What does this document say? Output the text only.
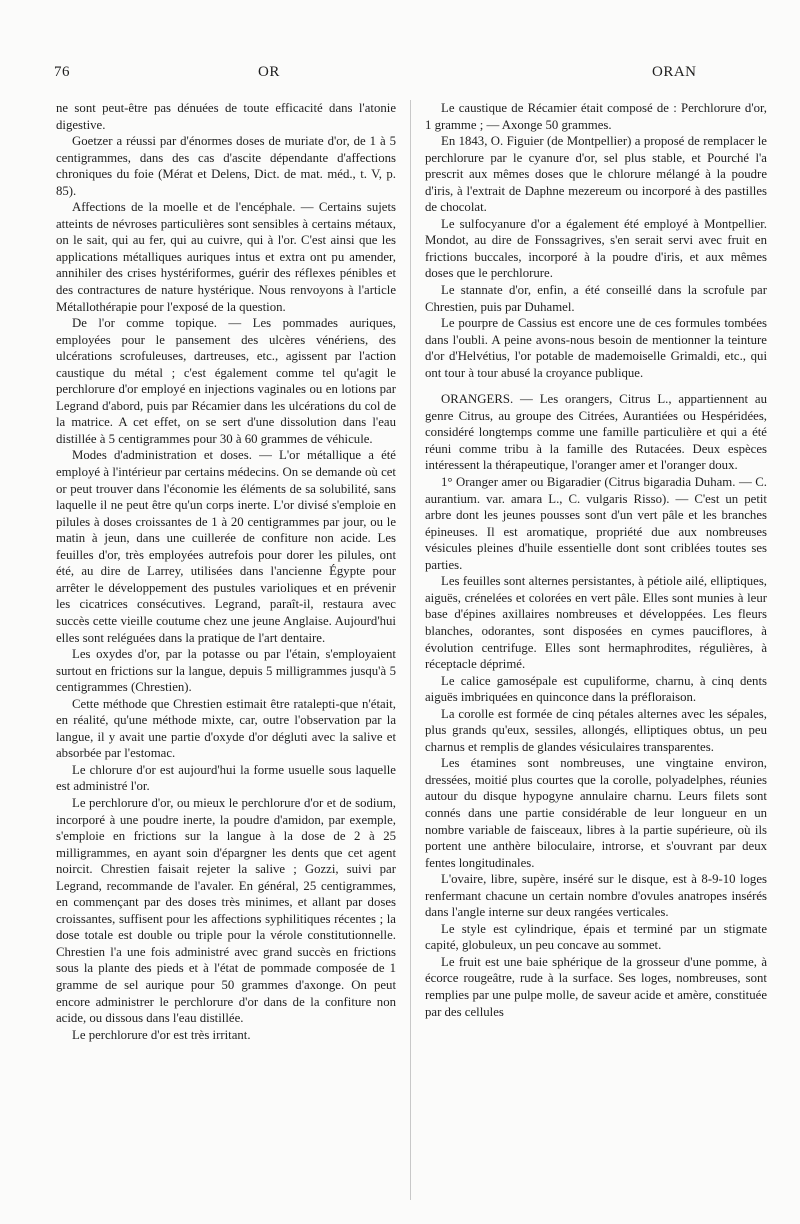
76	OR	ORAN

ne sont peut-être pas dénuées de toute efficacité dans l'atonie digestive.

Goetzer a réussi par d'énormes doses de muriate d'or, de 1 à 5 centigrammes, dans des cas d'ascite dépendante d'affections chroniques du foie (Mérat et Delens, Dict. de mat. méd., t. V, p. 85).

Affections de la moelle et de l'encéphale. — Certains sujets atteints de névroses particulières sont sensibles à certains métaux, on le sait, qui au fer, qui au cuivre, qui à l'or. C'est ainsi que les applications métalliques auriques intus et extra ont pu amender, annihiler des crises hystériformes, guérir des réflexes pénibles et des contractures de nature hystérique. Nous renvoyons à l'article Métallothérapie pour l'exposé de la question.

De l'or comme topique. — Les pommades auriques, employées pour le pansement des ulcères vénériens, des ulcérations scrofuleuses, dartreuses, etc., agissent par l'action caustique du métal ; c'est également comme tel qu'agit le perchlorure d'or employé en injections vaginales ou en lotions par Legrand d'abord, puis par Récamier dans les ulcérations du col de la matrice. A cet effet, on se sert d'une dissolution dans l'eau distillée à 5 centigrammes pour 30 à 60 grammes de véhicule.

Modes d'administration et doses. — L'or métallique a été employé à l'intérieur par certains médecins. On se demande où cet or peut trouver dans l'économie les éléments de sa solubilité, sans laquelle il ne peut être qu'un corps inerte. L'or divisé s'emploie en pilules à doses croissantes de 1 à 20 centigrammes par jour, ou le matin à jeun, dans une cuillerée de confiture non acide. Les feuilles d'or, très employées autrefois pour dorer les pilules, ont été, au dire de Larrey, utilisées dans l'ancienne Égypte pour arrêter le développement des pustules varioliques et en prévenir les cicatrices consécutives. Legrand, paraît-il, restaura avec succès cette vieille coutume chez une jeune Anglaise. Aujourd'hui elles sont reléguées dans la pratique de l'art dentaire.

Les oxydes d'or, par la potasse ou par l'étain, s'employaient surtout en frictions sur la langue, depuis 5 milligrammes jusqu'à 5 centigrammes (Chrestien).

Cette méthode que Chrestien estimait être ratalepti-que n'était, en réalité, qu'une méthode mixte, car, outre l'observation par la langue, il y avait une partie d'oxyde d'or dégluti avec la salive et absorbée par l'estomac.

Le chlorure d'or est aujourd'hui la forme usuelle sous laquelle est administré l'or.

Le perchlorure d'or, ou mieux le perchlorure d'or et de sodium, incorporé à une poudre inerte, la poudre d'amidon, par exemple, s'emploie en frictions sur la langue à la dose de 2 à 25 milligrammes, en ayant soin d'épargner les dents que cet agent noircit. Chrestien faisait rejeter la salive ; Gozzi, suivi par Legrand, recommande de l'avaler. En général, 25 centigrammes, en commençant par des doses très minimes, et allant par doses croissantes, suffisent pour les affections syphilitiques récentes ; la dose totale est double ou triple pour la vérole constitutionnelle. Chrestien l'a une fois administré avec grand succès en frictions sous la plante des pieds et à l'état de pommade composée de 1 gramme de sel aurique pour 50 grammes d'axonge. On peut encore administrer le perchlorure d'or dans de la confiture non acide, ou dissous dans l'eau distillée.

Le perchlorure d'or est très irritant.

Le caustique de Récamier était composé de : Perchlorure d'or, 1 gramme ; — Axonge 50 grammes.

En 1843, O. Figuier (de Montpellier) a proposé de remplacer le perchlorure par le cyanure d'or, sel plus stable, et Pourché l'a prescrit aux mêmes doses que le chlorure mélangé à la poudre d'iris, à l'extrait de Daphne mezereum ou incorporé à des pastilles de chocolat.

Le sulfocyanure d'or a également été employé à Montpellier. Mondot, au dire de Fonssagrives, s'en serait servi avec fruit en frictions buccales, incorporé à la poudre d'iris, et aux mêmes doses que le perchlorure.

Le stannate d'or, enfin, a été conseillé dans la scrofule par Chrestien, puis par Duhamel.

Le pourpre de Cassius est encore une de ces formules tombées dans l'oubli. A peine avons-nous besoin de mentionner la teinture d'or d'Helvétius, l'or potable de mademoiselle Grimaldi, etc., qui ont tour à tour abusé la croyance publique.

ORANGERS. — Les orangers, Citrus L., appartiennent au genre Citrus, au groupe des Citrées, Aurantiées ou Hespéridées, considéré longtemps comme une famille particulière et qui a été réuni comme tribu à la famille des Rutacées. Deux espèces intéressent la thérapeutique, l'oranger amer et l'oranger doux.

1° Oranger amer ou Bigaradier (Citrus bigaradia Duham. — C. aurantium. var. amara L., C. vulgaris Risso). — C'est un petit arbre dont les jeunes pousses sont d'un vert pâle et les branches épineuses. Il est aromatique, propriété due aux nombreuses vésicules pleines d'huile essentielle dont sont criblées toutes ses parties.

Les feuilles sont alternes persistantes, à pétiole ailé, elliptiques, aiguës, crénelées et colorées en vert pâle. Elles sont munies à leur base d'épines axillaires nombreuses et développées. Les fleurs blanches, odorantes, sont disposées en cymes pauciflores, à évolution centrifuge. Elles sont hermaphrodites, régulières, à réceptacle déprimé.

Le calice gamosépale est cupuliforme, charnu, à cinq dents aiguës imbriquées en quinconce dans la préfloraison.

La corolle est formée de cinq pétales alternes avec les sépales, plus grands qu'eux, sessiles, allongés, elliptiques obtus, un peu charnus et remplis de glandes vésiculaires transparentes.

Les étamines sont nombreuses, une vingtaine environ, dressées, moitié plus courtes que la corolle, polyadelphes, réunies autour du disque hypogyne annulaire charnu. Leurs filets sont connés dans une partie considérable de leur longueur en un nombre variable de faisceaux, libres à la partie supérieure, où ils portent une anthère biloculaire, introrse, et s'ouvrant par deux fentes longitudinales.

L'ovaire, libre, supère, inséré sur le disque, est à 8-9-10 loges renfermant chacune un certain nombre d'ovules anatropes insérés dans l'angle interne sur deux rangées verticales.

Le style est cylindrique, épais et terminé par un stigmate capité, globuleux, un peu concave au sommet.

Le fruit est une baie sphérique de la grosseur d'une pomme, à écorce rougeâtre, rude à la surface. Ses loges, nombreuses, sont remplies par une pulpe molle, de saveur acide et amère, constituée par des cellules
